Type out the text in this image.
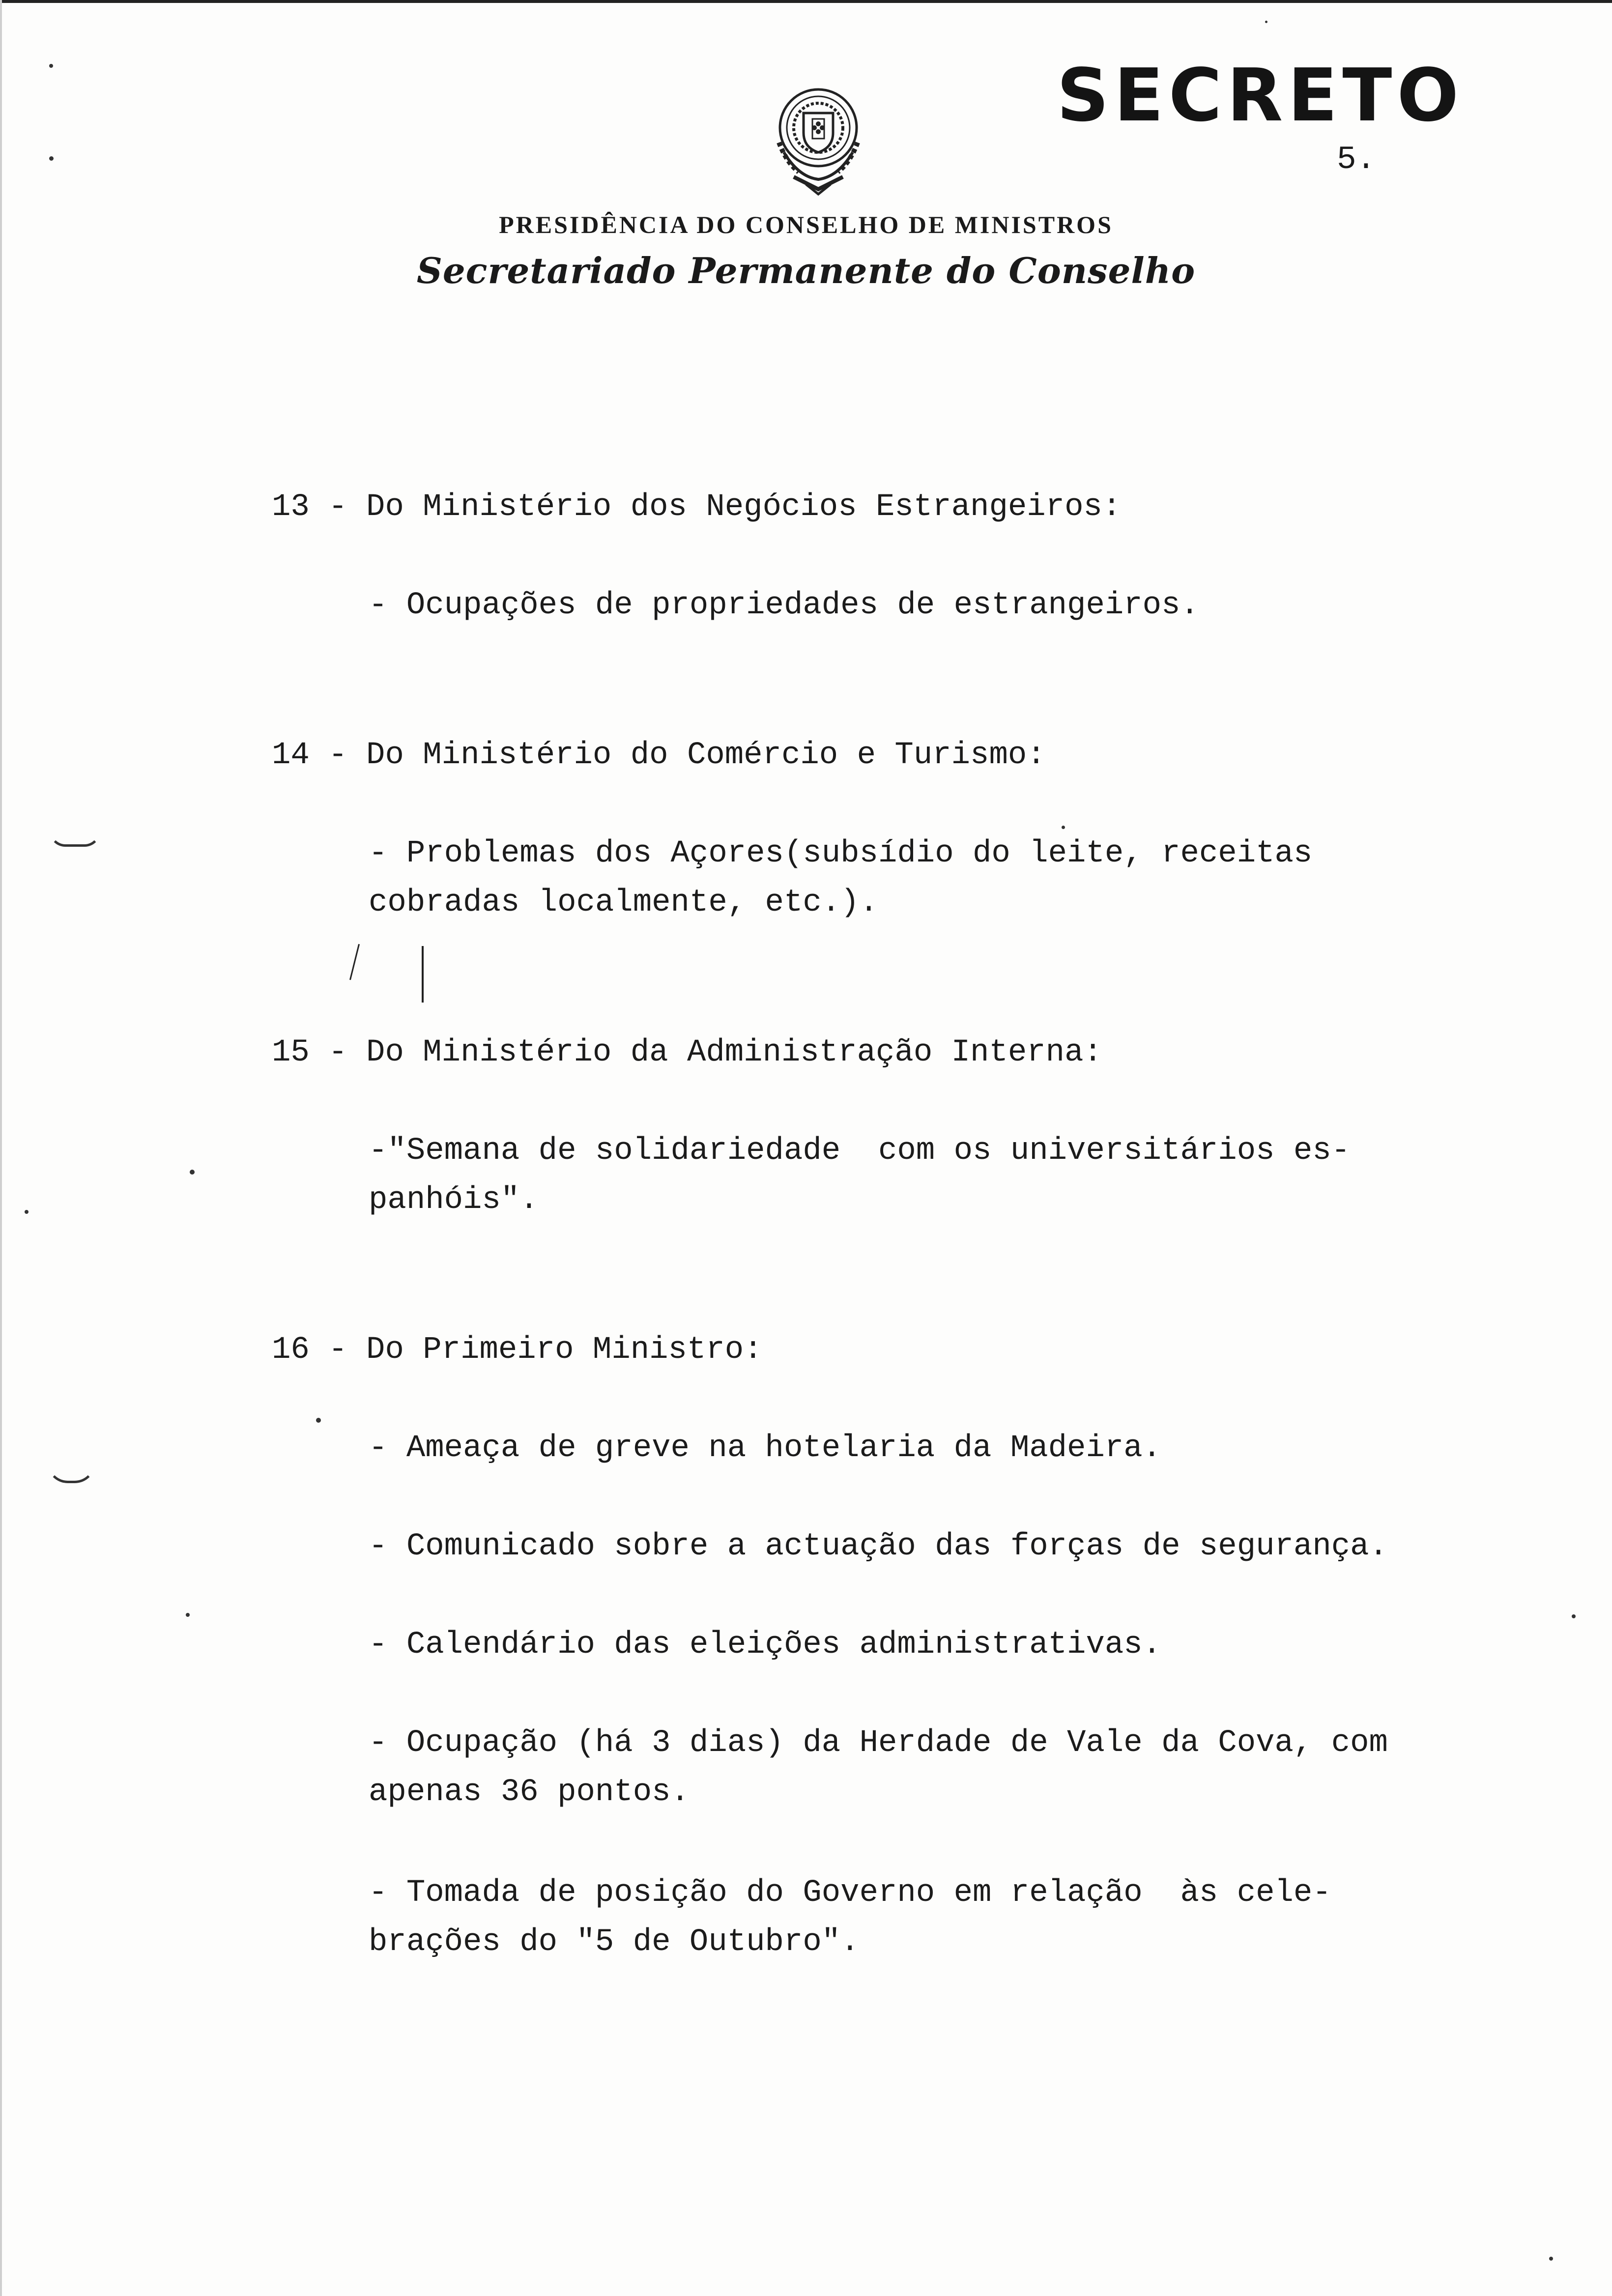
SECRETO
5.
PRESIDÊNCIA DO CONSELHO DE MINISTROS
Secretariado Permanente do Conselho
13 - Do Ministério dos Negócios Estrangeiros:
- Ocupações de propriedades de estrangeiros.
14 - Do Ministério do Comércio e Turismo:
- Problemas dos Açores(subsídio do leite, receitas
cobradas localmente, etc.).
15 - Do Ministério da Administração Interna:
-"Semana de solidariedade  com os universitários es-
panhóis".
16 - Do Primeiro Ministro:
- Ameaça de greve na hotelaria da Madeira.
- Comunicado sobre a actuação das forças de segurança.
- Calendário das eleições administrativas.
- Ocupação (há 3 dias) da Herdade de Vale da Cova, com
apenas 36 pontos.
- Tomada de posição do Governo em relação  às cele-
brações do "5 de Outubro".
